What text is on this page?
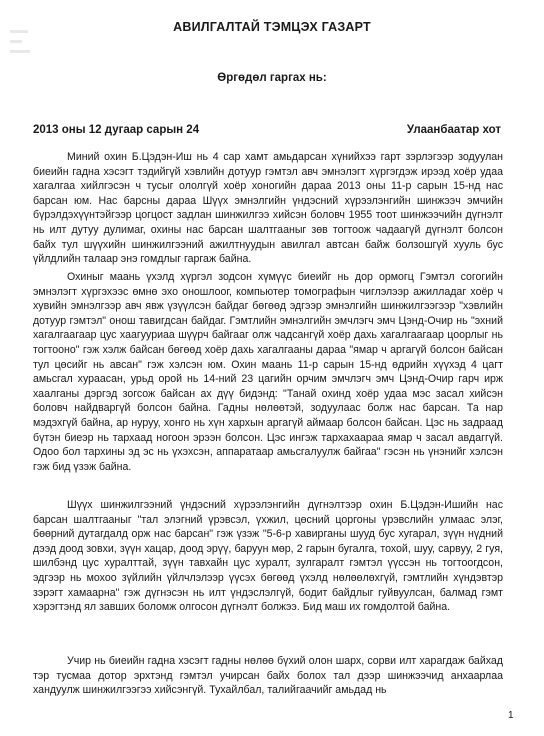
АВИЛГАЛТАЙ ТЭМЦЭХ ГАЗАРТ
Өргөдөл гаргах нь:
2013 оны 12 дугаар сарын 24	Улаанбаатар хот

Миний охин Б.Цэдэн-Иш нь 4 сар хамт амьдарсан хүнийхээ гарт зэрлэгээр зодуулан биеийн гадна хэсэгт тэдийгүй хэвлийн дотуур гэмтэл авч эмнэлэгт хүргэгдэж ирээд хоёр удаа хагалгаа хийлгэсэн ч тусыг ололгүй хоёр хоногийн дараа 2013 оны 11-р сарын 15-нд нас барсан юм. Нас барсны дараа Шүүх эмнэлгийн үндэсний хүрээлэнгийн шинжээч эмчийн бүрэлдэхүүнтэйгээр цогцост задлан шинжилгээ хийсэн боловч 1955 тоот шинжээчийн дүгнэлт нь илт дутуу дулимаг, охины нас барсан шалтгааныг зөв тогтоож чадаагүй дүгнэлт болсон байх тул шүүхийн шинжилгээний ажилтнуудын авилгал автсан байж болзошгүй хууль бус үйлдлийн талаар энэ гомдлыг гаргаж байна.

Охиныг маань үхэлд хүргэл зодсон хүмүүс биеийг нь дор ормогц Гэмтэл согогийн эмнэлэгт хүргэхээс өмнө эхо оношлоог, компьютер томографын чиглэлээр ажилладаг хоёр ч хувийн эмнэлгээр авч явж үзүүлсэн байдаг бөгөөд эдгээр эмнэлгийн шинжилгээгээр "хэвлийн дотуур гэмтэл" онош тавигдсан байдаг. Гэмтлийн эмнэлгийн эмчлэгч эмч Цэнд-Очир нь "эхний хагалгаагаар цус хаагууриаа шүүрч байгааг олж чадсангүй хоёр дахь хагалгаагаар цоорлыг нь тогтооно" гэж хэлж байсан бөгөөд хоёр дахь хагалгааны дараа "ямар ч аргагүй болсон байсан тул цөсийг нь авсан" гэж хэлсэн юм. Охин маань 11-р сарын 15-нд өдрийн хүүхэд 4 цагт амьсгал хураасан, урьд орой нь 14-ний 23 цагийн орчим эмчлэгч эмч Цэнд-Очир гарч ирж хаалганы дэргэд зогсож байсан ах дүү бидэнд: "Танай охинд хоёр удаа мэс засал хийсэн боловч найдваргүй болсон байна. Гадны нөлөөтэй, зодуулаас болж нас барсан. Та нар мэдэхгүй байна, ар нуруу, хонго нь хүн хархын аргагүй аймаар болсон байсан. Цэс нь задраад бүтэн биеэр нь тархаад ногоон эрээн болсон. Цэс ингэж тархахаараа ямар ч засал авдаггүй. Одоо бол тархины эд эс нь үхэхсэн, аппаратаар амьсгалуулж байгаа" гэсэн нь үнэнийг хэлсэн гэж бид үзэж байна.

Шүүх шинжилгээний үндэсний хүрээлэнгийн дүгнэлтээр охин Б.Цэдэн-Ишийн нас барсан шалтгааныг "тал элэгний үрэвсэл, үхжил, цөсний цоргоны үрэвслийн улмаас элэг, бөөрний дутагдалд орж нас барсан" гэж үзэж "5-6-р хавирганы шууд бус хугарал, зүүн нүдний дээд доод зовхи, зүүн хацар, доод эрүү, баруун мөр, 2 гарын бугалга, тохой, шуу, сарвуу, 2 гуя, шилбэнд цус хуралттай, зүүн тавхайн цус хуралт, зулгаралт гэмтэл үүссэн нь тогтоогдсон, эдгээр нь мохоо зүйлийн үйлчлэлээр үүсэх бөгөөд үхэлд нөлөөлөхгүй, гэмтлийн хүндэвтэр зэрэгт хамаарна" гэж дүгнэсэн нь илт үндэслэлгүй, бодит байдлыг гуйвуулсан, балмад гэмт хэрэгтэнд ял завших боломж олгосон дүгнэлт болжээ. Бид маш их гомдолтой байна.

Учир нь биеийн гадна хэсэгт гадны нөлөө бүхий олон шарх, сорви илт харагдаж байхад тэр тусмаа дотор эрхтэнд гэмтэл учирсан байх болох тал дээр шинжээчид анхаарлаа хандуулж шинжилгээгээ хийсэнгүй. Тухайлбал, талийгаачийг амьдад нь

1
